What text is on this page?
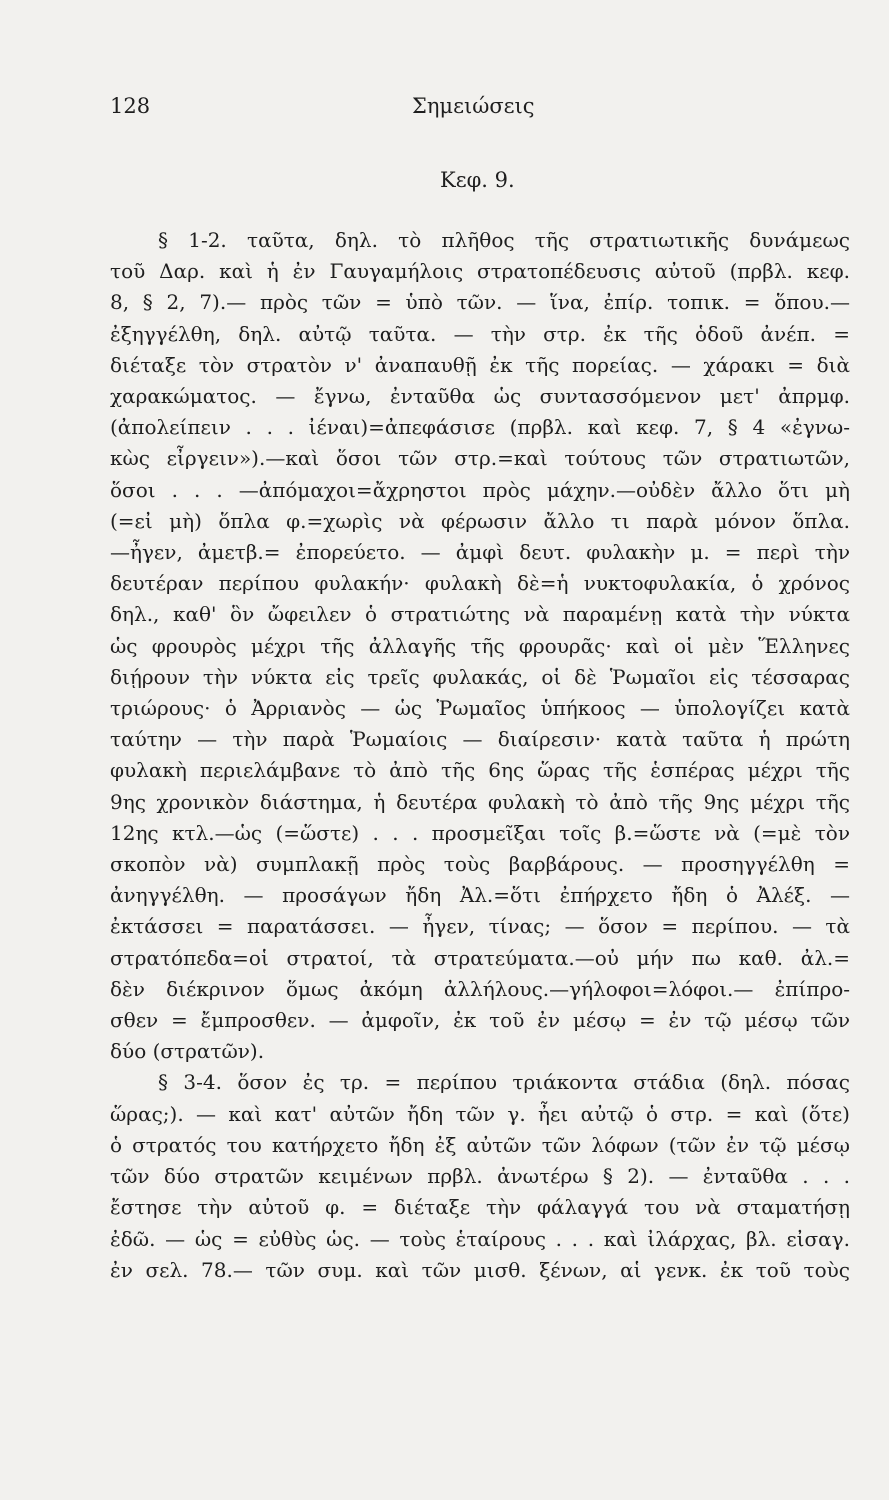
128	Σημειώσεις
Κεφ. 9.
§ 1-2. ταῦτα, δηλ. τὸ πλῆθος τῆς στρατιωτικῆς δυνάμεως
τοῦ Δαρ. καὶ ἡ ἐν Γαυγαμήλοις στρατοπέδευσις αὐτοῦ (πρβλ. κεφ.
8, § 2, 7).— πρὸς τῶν = ὑπὸ τῶν. — ἵνα, ἐπίρ. τοπικ. = ὅπου.—
ἐξηγγέλθη, δηλ. αὐτῷ ταῦτα. — τὴν στρ. ἐκ τῆς ὁδοῦ ἀνέπ. =
διέταξε τὸν στρατὸν ν' ἀναπαυθῇ ἐκ τῆς πορείας. — χάρακι = διὰ
χαρακώματος. — ἔγνω, ἐνταῦθα ὡς συντασσόμενον μετ' ἀπρμφ.
(ἀπολείπειν . . . ἰέναι)=ἀπεφάσισε (πρβλ. καὶ κεφ. 7, § 4 «ἐγνω-
κὼς εἶργειν»).—καὶ ὅσοι τῶν στρ.=καὶ τούτους τῶν στρατιωτῶν,
ὅσοι . . . —ἀπόμαχοι=ἄχρηστοι πρὸς μάχην.—οὐδὲν ἄλλο ὅτι μὴ
(=εἰ μὴ) ὅπλα φ.=χωρὶς νὰ φέρωσιν ἄλλο τι παρὰ μόνον ὅπλα.
—ἦγεν, ἀμετβ.= ἐπορεύετο. — ἀμφὶ δευτ. φυλακὴν μ. = περὶ τὴν
δευτέραν περίπου φυλακήν· φυλακὴ δὲ=ἡ νυκτοφυλακία, ὁ χρόνος
δηλ., καθ' ὃν ὤφειλεν ὁ στρατιώτης νὰ παραμένῃ κατὰ τὴν νύκτα
ὡς φρουρὸς μέχρι τῆς ἀλλαγῆς τῆς φρουρᾶς· καὶ οἱ μὲν Ἕλληνες
διῄρουν τὴν νύκτα εἰς τρεῖς φυλακάς, οἱ δὲ Ῥωμαῖοι εἰς τέσσαρας
τριώρους· ὁ Ἀρριανὸς — ὡς Ῥωμαῖος ὑπήκοος — ὑπολογίζει κατὰ
ταύτην — τὴν παρὰ Ῥωμαίοις — διαίρεσιν· κατὰ ταῦτα ἡ πρώτη
φυλακὴ περιελάμβανε τὸ ἀπὸ τῆς 6ης ὥρας τῆς ἑσπέρας μέχρι τῆς
9ης χρονικὸν διάστημα, ἡ δευτέρα φυλακὴ τὸ ἀπὸ τῆς 9ης μέχρι τῆς
12ης κτλ.—ὡς (=ὥστε) . . . προσμεῖξαι τοῖς β.=ὥστε νὰ (=μὲ τὸν
σκοπὸν νὰ) συμπλακῇ πρὸς τοὺς βαρβάρους. — προσηγγέλθη =
ἀνηγγέλθη. — προσάγων ἤδη Ἀλ.=ὅτι ἐπήρχετο ἤδη ὁ Ἀλέξ. —
ἐκτάσσει = παρατάσσει. — ἦγεν, τίνας; — ὅσον = περίπου. — τὰ
στρατόπεδα=οἱ στρατοί, τὰ στρατεύματα.—οὐ μήν πω καθ. ἀλ.=
δὲν διέκρινον ὅμως ἀκόμη ἀλλήλους.—γήλοφοι=λόφοι.— ἐπίπρο-
σθεν = ἔμπροσθεν. — ἀμφοῖν, ἐκ τοῦ ἐν μέσῳ = ἐν τῷ μέσῳ τῶν
δύο (στρατῶν).
§ 3-4. ὅσον ἐς τρ. = περίπου τριάκοντα στάδια (δηλ. πόσας
ὥρας;). — καὶ κατ' αὐτῶν ἤδη τῶν γ. ἦει αὐτῷ ὁ στρ. = καὶ (ὅτε)
ὁ στρατός του κατήρχετο ἤδη ἐξ αὐτῶν τῶν λόφων (τῶν ἐν τῷ μέσῳ
τῶν δύο στρατῶν κειμένων πρβλ. ἀνωτέρω § 2). — ἐνταῦθα . . .
ἔστησε τὴν αὐτοῦ φ. = διέταξε τὴν φάλαγγά του νὰ σταματήσῃ
ἐδῶ. — ὡς = εὐθὺς ὡς. — τοὺς ἑταίρους . . . καὶ ἰλάρχας, βλ. εἰσαγ.
ἐν σελ. 78.— τῶν συμ. καὶ τῶν μισθ. ξένων, αἱ γενκ. ἐκ τοῦ τοὺς
